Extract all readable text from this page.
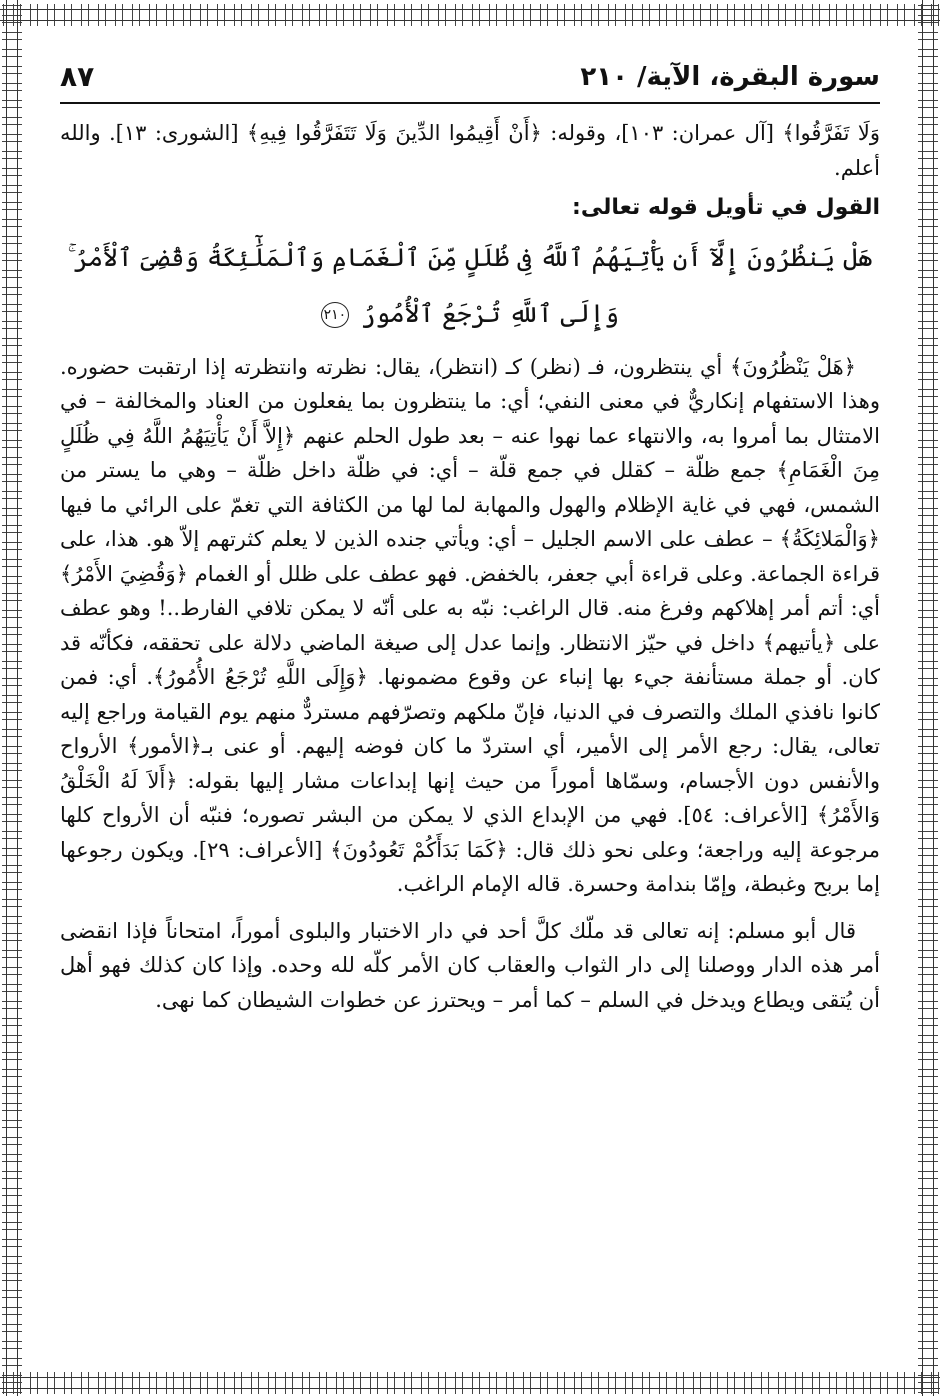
سورة البقرة، الآية/ ٢١٠
٨٧

وَلَا تَفَرَّقُوا﴾ [آل عمران: ١٠٣]، وقوله: ﴿أَنْ أَقِيمُوا الدِّينَ وَلَا تَتَفَرَّقُوا فِيهِ﴾ [الشورى: ١٣]. والله أعلم.

القول في تأويل قوله تعالى:

هَلْ يَنظُرُونَ إِلَّآ أَن يَأْتِيَهُمُ ٱللَّهُ فِى ظُلَلٍ مِّنَ ٱلْغَمَامِ وَٱلْمَلَٰٓئِكَةُ وَقُضِىَ ٱلْأَمْرُ ۚ وَإِلَى ٱللَّهِ تُرْجَعُ ٱلْأُمُورُ ٢١٠

﴿هَلْ يَنْظُرُونَ﴾ أي ينتظرون، فـ (نظر) كـ (انتظر)، يقال: نظرته وانتظرته إذا ارتقبت حضوره. وهذا الاستفهام إنكاريٌّ في معنى النفي؛ أي: ما ينتظرون بما يفعلون من العناد والمخالفة – في الامتثال بما أمروا به، والانتهاء عما نهوا عنه – بعد طول الحلم عنهم ﴿إِلاَّ أَنْ يَأْتِيَهُمُ اللَّهُ فِي ظُلَلٍ مِنَ الْغَمَامِ﴾ جمع ظلّة – كقلل في جمع قلّة – أي: في ظلّة داخل ظلّة – وهي ما يستر من الشمس، فهي في غاية الإظلام والهول والمهابة لما لها من الكثافة التي تغمّ على الرائي ما فيها ﴿وَالْمَلائِكَةُ﴾ – عطف على الاسم الجليل – أي: ويأتي جنده الذين لا يعلم كثرتهم إلاّ هو. هذا، على قراءة الجماعة. وعلى قراءة أبي جعفر، بالخفض. فهو عطف على ظلل أو الغمام ﴿وَقُضِيَ الأَمْرُ﴾ أي: أتم أمر إهلاكهم وفرغ منه. قال الراغب: نبّه به على أنّه لا يمكن تلافي الفارط..! وهو عطف على ﴿يأتيهم﴾ داخل في حيّز الانتظار. وإنما عدل إلى صيغة الماضي دلالة على تحققه، فكأنّه قد كان. أو جملة مستأنفة جيء بها إنباء عن وقوع مضمونها. ﴿وَإِلَى اللَّهِ تُرْجَعُ الأُمُورُ﴾. أي: فمن كانوا نافذي الملك والتصرف في الدنيا، فإنّ ملكهم وتصرّفهم مستردٌّ منهم يوم القيامة وراجع إليه تعالى، يقال: رجع الأمر إلى الأمير، أي استردّ ما كان فوضه إليهم. أو عنى بـ﴿الأمور﴾ الأرواح والأنفس دون الأجسام، وسمّاها أموراً من حيث إنها إبداعات مشار إليها بقوله: ﴿أَلاَ لَهُ الْخَلْقُ وَالأَمْرُ﴾ [الأعراف: ٥٤]. فهي من الإبداع الذي لا يمكن من البشر تصوره؛ فنبّه أن الأرواح كلها مرجوعة إليه وراجعة؛ وعلى نحو ذلك قال: ﴿كَمَا بَدَأَكُمْ تَعُودُونَ﴾ [الأعراف: ٢٩]. ويكون رجوعها إما بربح وغبطة، وإمّا بندامة وحسرة. قاله الإمام الراغب.

قال أبو مسلم: إنه تعالى قد ملّك كلَّ أحد في دار الاختبار والبلوى أموراً، امتحاناً فإذا انقضى أمر هذه الدار ووصلنا إلى دار الثواب والعقاب كان الأمر كلّه لله وحده. وإذا كان كذلك فهو أهل أن يُتقى ويطاع ويدخل في السلم – كما أمر – ويحترز عن خطوات الشيطان كما نهى.
